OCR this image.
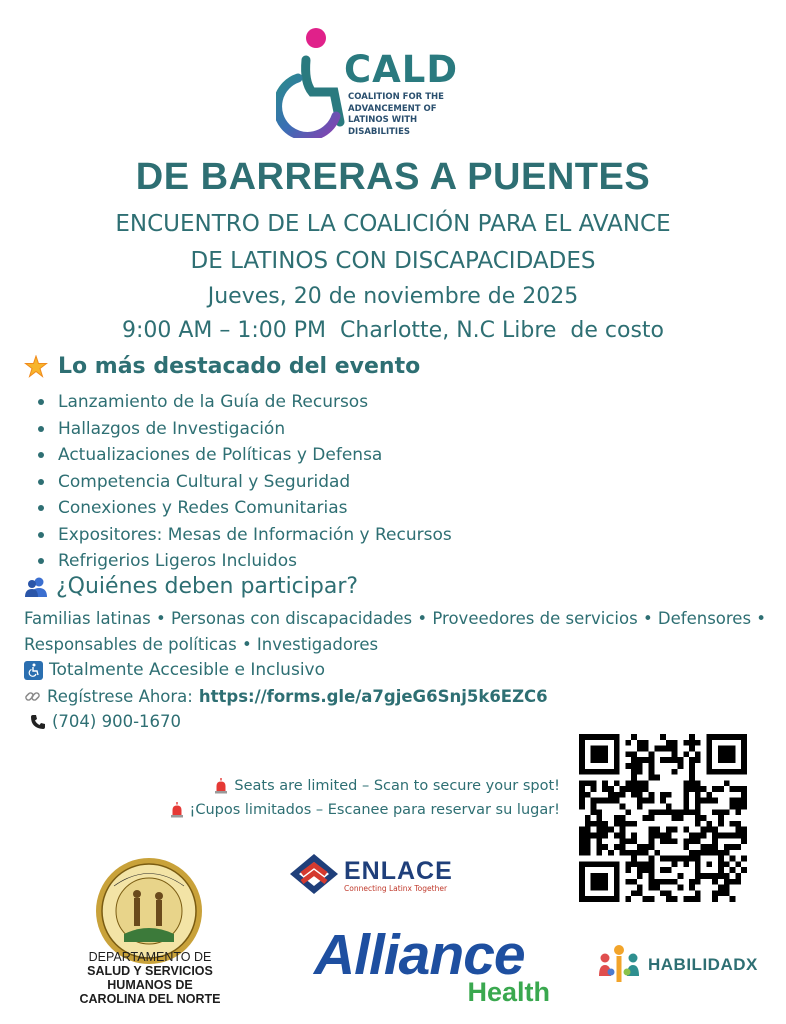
CALD
COALITION FOR THE ADVANCEMENT OF LATINOS WITH DISABILITIES
DE BARRERAS A PUENTES
ENCUENTRO DE LA COALICIÓN PARA EL AVANCE
DE LATINOS CON DISCAPACIDADES
Jueves, 20 de noviembre de 2025
9:00 AM – 1:00 PM  Charlotte, N.C Libre  de costo
Lo más destacado del evento
Lanzamiento de la Guía de Recursos
Hallazgos de Investigación
Actualizaciones de Políticas y Defensa
Competencia Cultural y Seguridad
Conexiones y Redes Comunitarias
Expositores: Mesas de Información y Recursos
Refrigerios Ligeros Incluidos
¿Quiénes deben participar?
Familias latinas • Personas con discapacidades • Proveedores de servicios • Defensores • Responsables de políticas • Investigadores
Totalmente Accesible e Inclusivo
Regístrese Ahora: https://forms.gle/a7gjeG6Snj5k6EZC6
(704) 900-1670
Seats are limited – Scan to secure your spot!
¡Cupos limitados – Escanee para reservar su lugar!
DEPARTAMENTO DE
SALUD Y SERVICIOS
HUMANOS DE
CAROLINA DEL NORTE
ENLACE
Connecting Latinx Together
Alliance
Health
HABILIDADX
